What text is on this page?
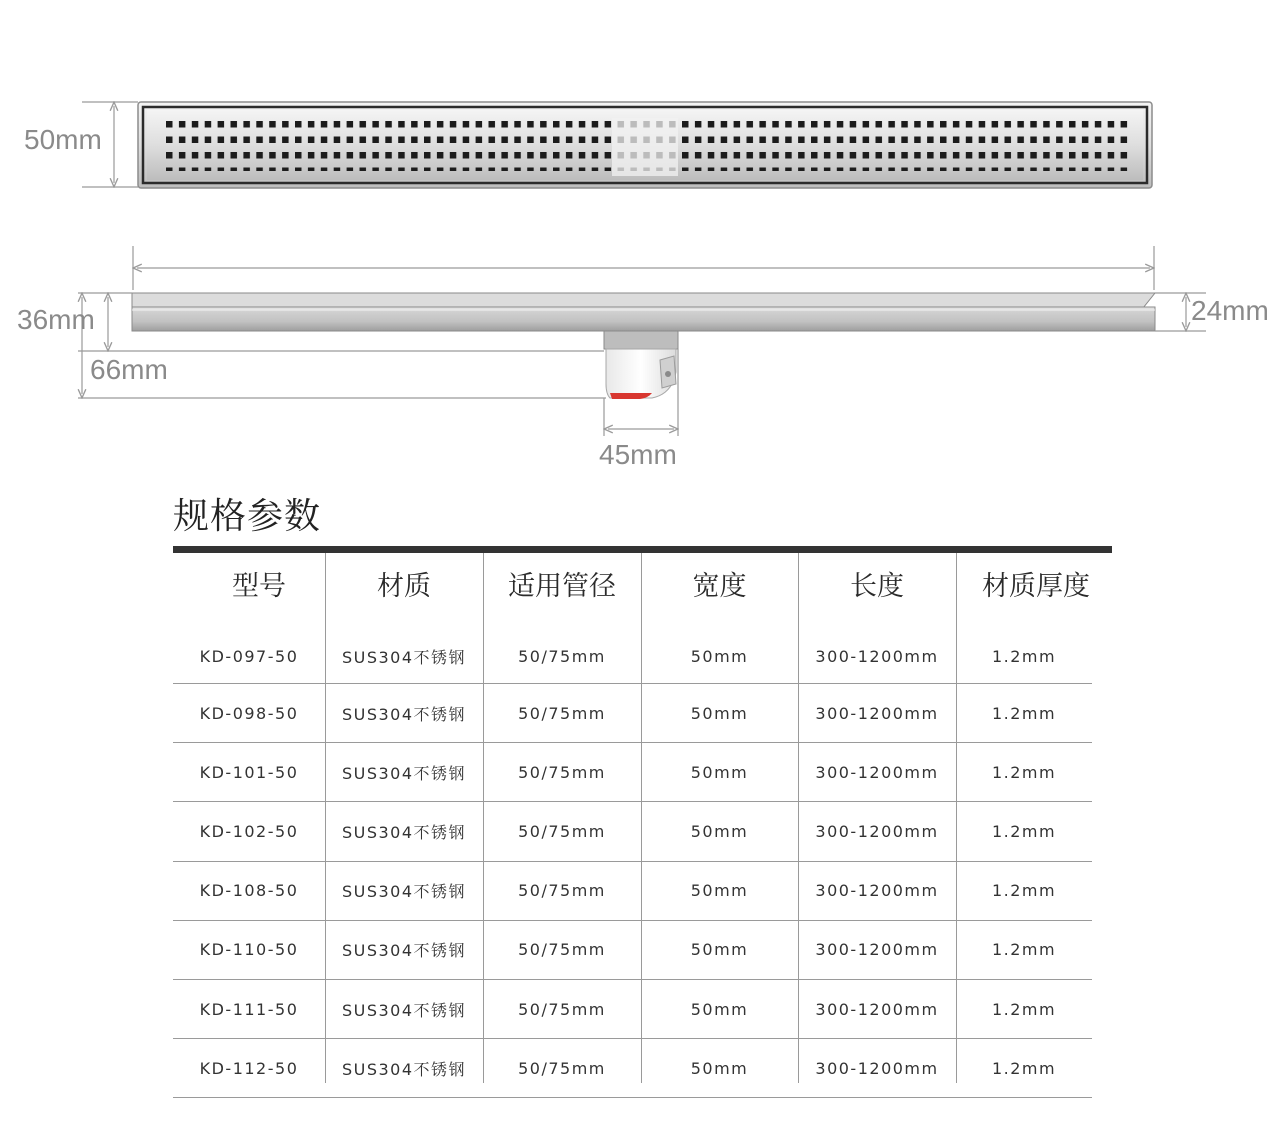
50mm
36mm
66mm
24mm
45mm
规格参数
型号	材质	适用管径	宽度	长度	材质厚度
KD-097-50	SUS304不锈钢	50/75mm	50mm	300-1200mm	1.2mm
KD-098-50	SUS304不锈钢	50/75mm	50mm	300-1200mm	1.2mm
KD-101-50	SUS304不锈钢	50/75mm	50mm	300-1200mm	1.2mm
KD-102-50	SUS304不锈钢	50/75mm	50mm	300-1200mm	1.2mm
KD-108-50	SUS304不锈钢	50/75mm	50mm	300-1200mm	1.2mm
KD-110-50	SUS304不锈钢	50/75mm	50mm	300-1200mm	1.2mm
KD-111-50	SUS304不锈钢	50/75mm	50mm	300-1200mm	1.2mm
KD-112-50	SUS304不锈钢	50/75mm	50mm	300-1200mm	1.2mm
